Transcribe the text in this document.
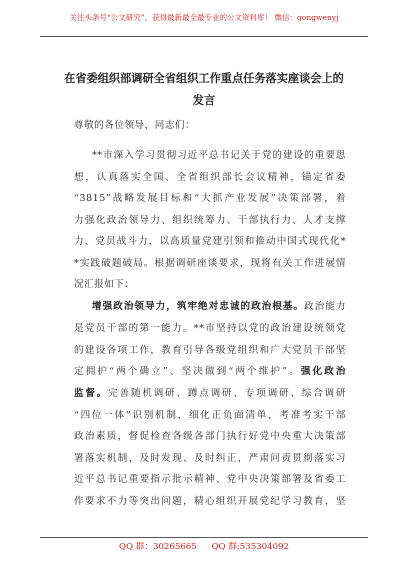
关注头条号“公文研究”，获得最新最全最专业的公文资料库！ 微信：gongwenyj
在省委组织部调研全省组织工作重点任务落实座谈会上的
发言
尊敬的各位领导，同志们：
**市深入学习贯彻习近平总书记关于党的建设的重要思
想，认真落实全国、全省组织部长会议精神，锚定省委
“3815”战略发展目标和“大抓产业发展”决策部署，着
力强化政治领导力、组织统筹力、干部执行力、人才支撑
力、党员战斗力，以高质量党建引领和推动中国式现代化*
*实践破题破局。根据调研座谈要求，现将有关工作进展情
况汇报如下：
增强政治领导力，筑牢绝对忠诚的政治根基。政治能力
是党员干部的第一能力。**市坚持以党的政治建设统领党
的建设各项工作，教育引导各级党组织和广大党员干部坚
定拥护“两个确立”、坚决做到“两个维护”。强化政治
监督。完善随机调研、蹲点调研、专项调研、综合调研
“四位一体”识别机制，细化正负面清单，考准考实干部
政治素质，督促检查各级各部门执行好党中央重大决策部
署落实机制，及时发现、及时纠正，严肃问责贯彻落实习
近平总书记重要指示批示精神、党中央决策部署及省委工
作要求不力等突出问题，精心组织开展党纪学习教育，坚
QQ 群：30265665 QQ 群:535304092
